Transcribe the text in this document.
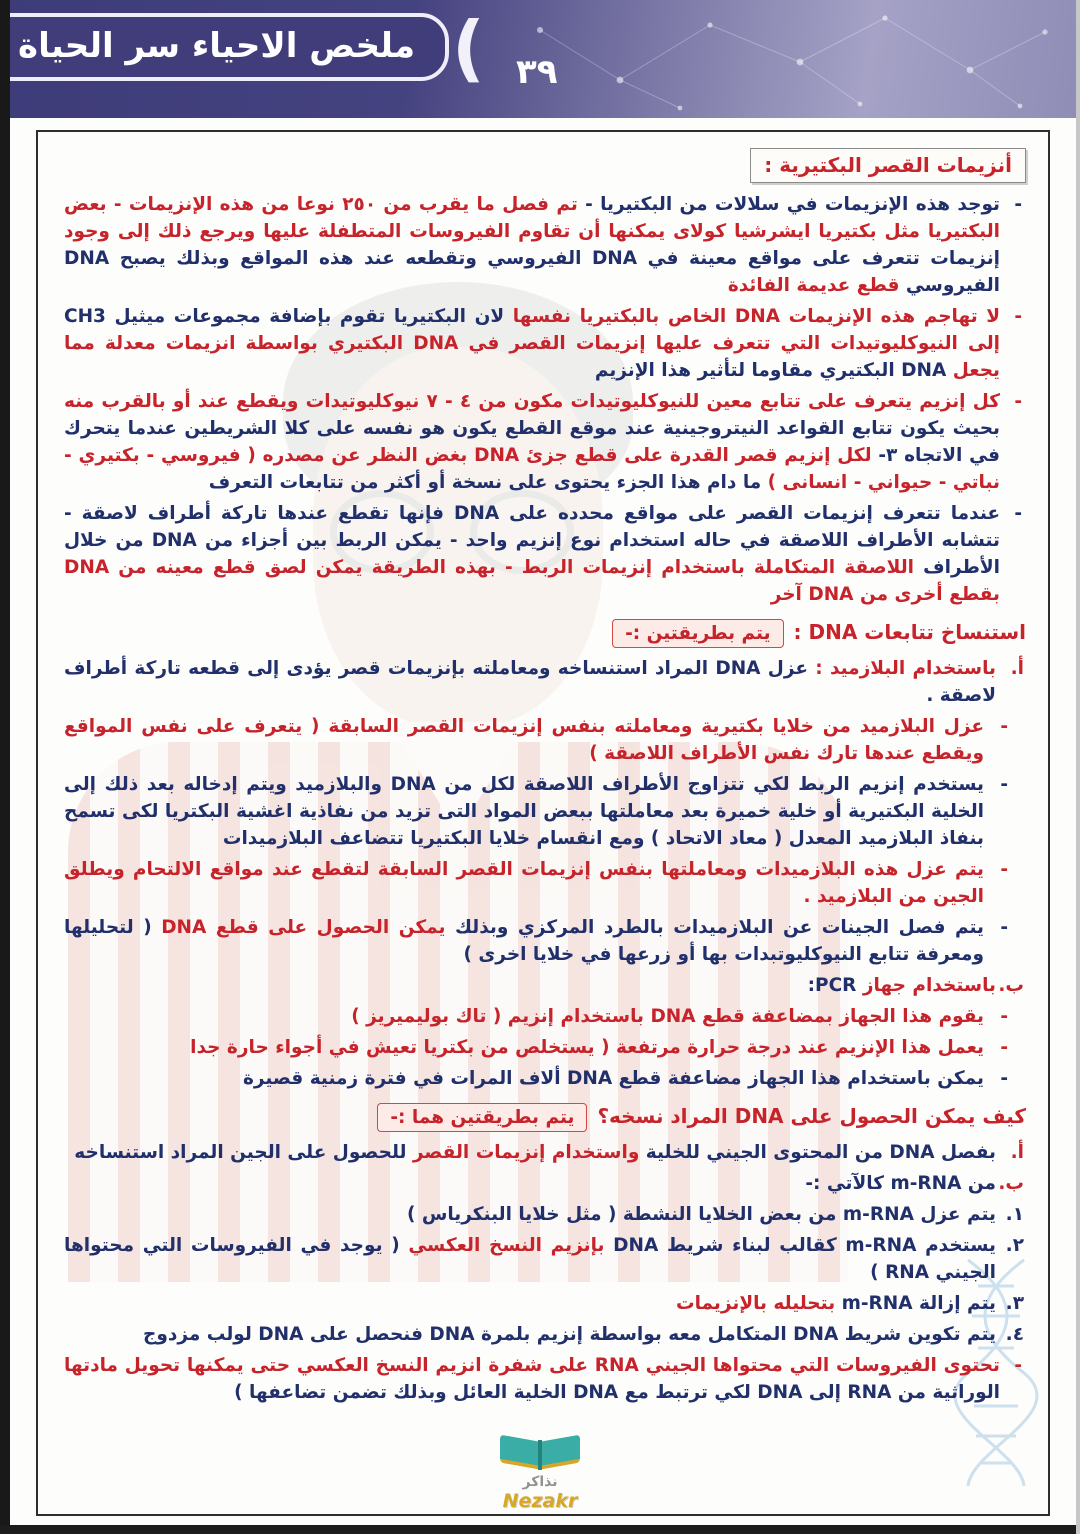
ملخص الاحياء سر الحياة ( ٣٩
أنزيمات القصر البكتيرية :
-
توجد هذه الإنزيمات في سلالات من البكتيريا - تم فصل ما يقرب من ٢٥٠ نوعا من هذه الإنزيمات - بعض البكتيريا مثل بكتيريا ايشرشيا كولاى يمكنها أن تقاوم الفيروسات المتطفلة عليها ويرجع ذلك إلى وجود إنزيمات تتعرف على مواقع معينة في DNA الفيروسي وتقطعه عند هذه المواقع وبذلك يصبح DNA الفيروسي قطع عديمة الفائدة
-
لا تهاجم هذه الإنزيمات DNA الخاص بالبكتيريا نفسها لان البكتيريا تقوم بإضافة مجموعات ميثيل CH3 إلى النيوكليوتيدات التي تتعرف عليها إنزيمات القصر في DNA البكتيري بواسطة انزيمات معدلة مما يجعل DNA البكتيري مقاوما لتأثير هذا الإنزيم
-
كل إنزيم يتعرف على تتابع معين للنيوكليوتيدات مكون من ٤ - ٧ نيوكليوتيدات ويقطع عند أو بالقرب منه بحيث يكون تتابع القواعد النيتروجينية عند موقع القطع يكون هو نفسه على كلا الشريطين عندما يتحرك في الاتجاه ٣- لكل إنزيم قصر القدرة على قطع جزئ DNA بغض النظر عن مصدره ( فيروسي - بكتيري - نباتي - حيواني - انسانى ) ما دام هذا الجزء يحتوى على نسخة أو أكثر من تتابعات التعرف
-
عندما تتعرف إنزيمات القصر على مواقع محدده على DNA فإنها تقطع عندها تاركة أطراف لاصقة - تتشابه الأطراف اللاصقة في حاله استخدام نوع إنزيم واحد - يمكن الربط بين أجزاء من DNA من خلال الأطراف اللاصقة المتكاملة باستخدام إنزيمات الربط - بهذه الطريقة يمكن لصق قطع معينه من DNA بقطع أخرى من DNA آخر
استنساخ تتابعات DNA :يتم بطريقتين :-
أ.
باستخدام البلازميد : عزل DNA المراد استنساخه ومعاملته بإنزيمات قصر يؤدى إلى قطعه تاركة أطراف لاصقة .
-
عزل البلازميد من خلايا بكتيرية ومعاملته بنفس إنزيمات القصر السابقة ( يتعرف على نفس المواقع ويقطع عندها تارك نفس الأطراف اللاصقة )
-
يستخدم إنزيم الربط لكي تتزاوج الأطراف اللاصقة لكل من DNA والبلازميد ويتم إدخاله بعد ذلك إلى الخلية البكتيرية أو خلية خميرة بعد معاملتها ببعض المواد التى تزيد من نفاذية اغشية البكتريا لكى تسمح بنفاذ البلازميد المعدل ( معاد الاتحاد ) ومع انقسام خلايا البكتيريا تتضاعف البلازميدات
-
يتم عزل هذه البلازميدات ومعاملتها بنفس إنزيمات القصر السابقة لتقطع عند مواقع الالتحام ويطلق الجين من البلازميد .
-
يتم فصل الجينات عن البلازميدات بالطرد المركزي وبذلك يمكن الحصول على قطع DNA ( لتحليلها ومعرفة تتابع النيوكليوتبدات بها أو زرعها في خلايا اخرى )
ب.
باستخدام جهاز PCR:
-
يقوم هذا الجهاز بمضاعفة قطع DNA باستخدام إنزيم ( تاك بوليميريز )
-
يعمل هذا الإنزيم عند درجة حرارة مرتفعة ( يستخلص من بكتريا تعيش في أجواء حارة جدا
-
يمكن باستخدام هذا الجهاز مضاعفة قطع DNA ألاف المرات في فترة زمنية قصيرة
كيف يمكن الحصول على DNA المراد نسخه؟يتم بطريقتين هما :-
أ.
بفصل DNA من المحتوى الجيني للخلية واستخدام إنزيمات القصر للحصول على الجين المراد استنساخه
ب.
من m-RNA كالآتي :-
١.
يتم عزل m-RNA من بعض الخلايا النشطة ( مثل خلايا البنكرياس )
٢.
يستخدم m-RNA كقالب لبناء شريط DNA بإنزيم النسخ العكسي ( يوجد في الفيروسات التي محتواها الجيني RNA )
٣.
يتم إزالة m-RNA بتحليله بالإنزيمات
٤.
يتم تكوين شريط DNA المتكامل معه بواسطة إنزيم بلمرة DNA فنحصل على DNA لولب مزدوج
-
تحتوى الفيروسات التي محتواها الجيني RNA على شفرة انزيم النسخ العكسي حتى يمكنها تحويل مادتها الوراثية من RNA إلى DNA لكي ترتبط مع DNA الخلية العائل وبذلك تضمن تضاعفها )
نذاكر
Nezakr
